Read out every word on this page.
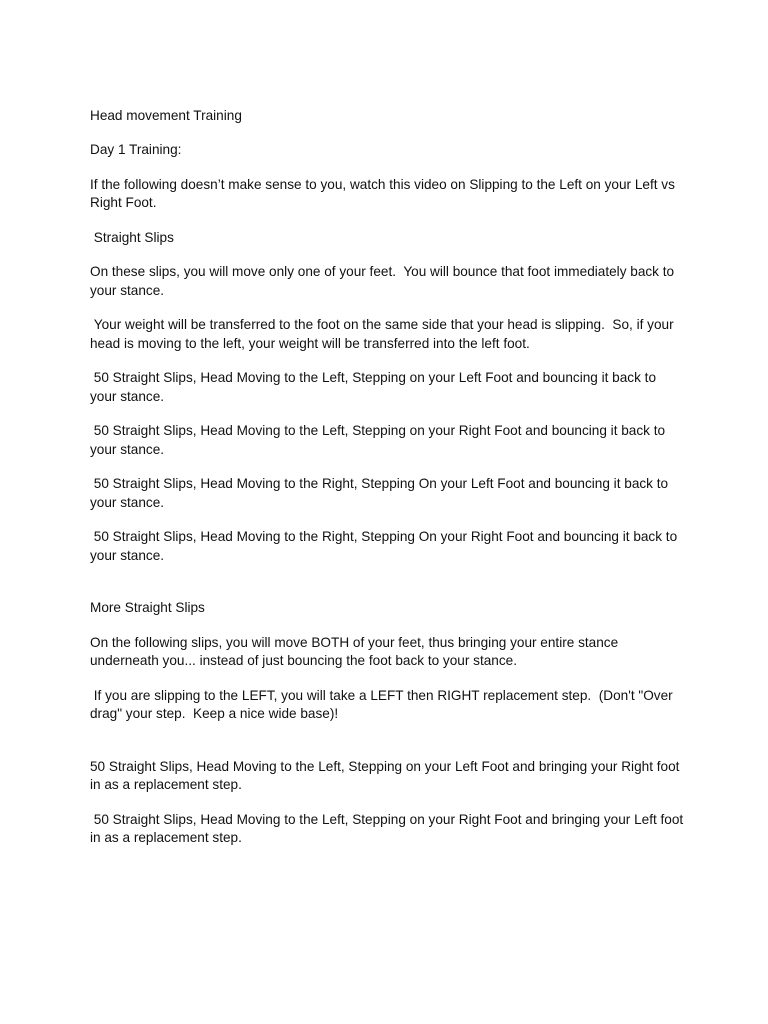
Head movement Training

Day 1 Training:

If the following doesn’t make sense to you, watch this video on Slipping to the Left on your Left vs Right Foot.

Straight Slips

On these slips, you will move only one of your feet.  You will bounce that foot immediately back to your stance.

Your weight will be transferred to the foot on the same side that your head is slipping.  So, if your head is moving to the left, your weight will be transferred into the left foot.

50 Straight Slips, Head Moving to the Left, Stepping on your Left Foot and bouncing it back to your stance.

50 Straight Slips, Head Moving to the Left, Stepping on your Right Foot and bouncing it back to your stance.

50 Straight Slips, Head Moving to the Right, Stepping On your Left Foot and bouncing it back to your stance.

50 Straight Slips, Head Moving to the Right, Stepping On your Right Foot and bouncing it back to your stance.

More Straight Slips

On the following slips, you will move BOTH of your feet, thus bringing your entire stance underneath you... instead of just bouncing the foot back to your stance.

If you are slipping to the LEFT, you will take a LEFT then RIGHT replacement step.  (Don't "Over drag" your step.  Keep a nice wide base)!

50 Straight Slips, Head Moving to the Left, Stepping on your Left Foot and bringing your Right foot in as a replacement step.

50 Straight Slips, Head Moving to the Left, Stepping on your Right Foot and bringing your Left foot in as a replacement step.
